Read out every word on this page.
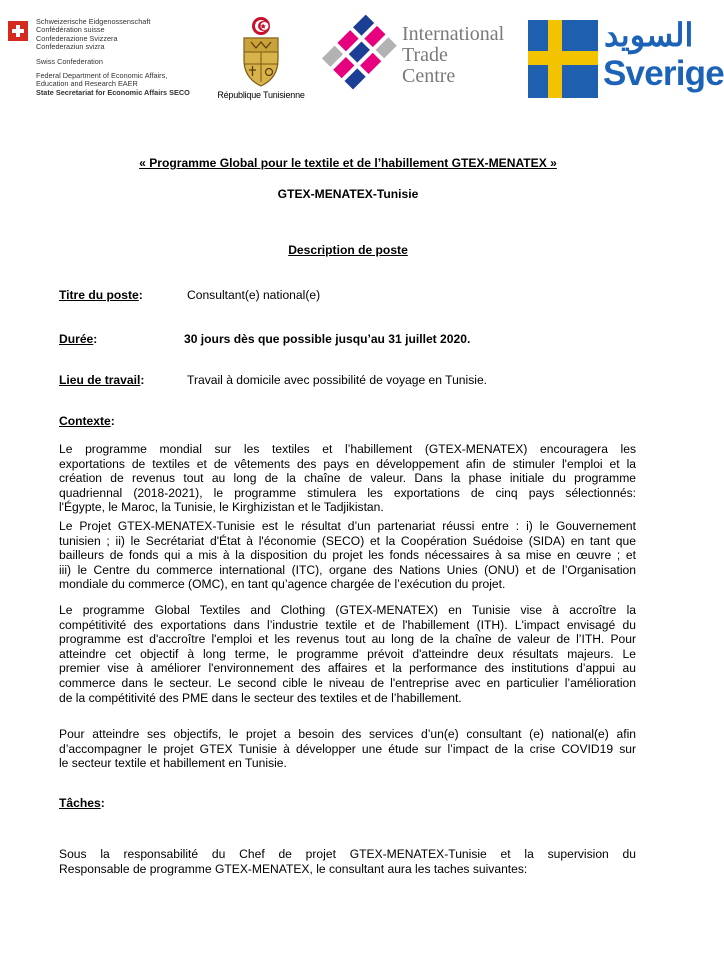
Schweizerische Eidgenossenschaft
Confédération suisse
Confederazione Svizzera
Confederaziun svizra
Swiss Confederation
Federal Department of Economic Affairs,
Education and Research EAER
State Secretariat for Economic Affairs SECO	République Tunisienne
International
Trade
Centre
السويد
Sverige
« Programme Global pour le textile et de l’habillement GTEX-MENATEX »
GTEX-MENATEX-Tunisie
Description de poste
Titre du poste:	Consultant(e) national(e)
Durée:	30 jours dès que possible jusqu’au 31 juillet 2020.
Lieu de travail:	Travail à domicile avec possibilité de voyage en Tunisie.
Contexte:
Le programme mondial sur les textiles et l’habillement (GTEX-MENATEX) encouragera les
exportations de textiles et de vêtements des pays en développement afin de stimuler l'emploi et la
création de revenus tout au long de la chaîne de valeur. Dans la phase initiale du programme
quadriennal (2018-2021), le programme stimulera les exportations de cinq pays sélectionnés:
l'Égypte, le Maroc, la Tunisie, le Kirghizistan et le Tadjikistan.
Le Projet GTEX-MENATEX-Tunisie est le résultat d’un partenariat réussi entre : i) le Gouvernement
tunisien ; ii) le Secrétariat d'État à l'économie (SECO) et la Coopération Suédoise (SIDA) en tant que
bailleurs de fonds qui a mis à la disposition du projet les fonds nécessaires à sa mise en œuvre ; et
iii) le Centre du commerce international (ITC), organe des Nations Unies (ONU) et de l’Organisation
mondiale du commerce (OMC), en tant qu’agence chargée de l’exécution du projet.
Le programme Global Textiles and Clothing (GTEX-MENATEX) en Tunisie vise à accroître la
compétitivité des exportations dans l’industrie textile et de l'habillement (ITH). L'impact envisagé du
programme est d'accroître l'emploi et les revenus tout au long de la chaîne de valeur de l’ITH. Pour
atteindre cet objectif à long terme, le programme prévoit d'atteindre deux résultats majeurs. Le
premier vise à améliorer l'environnement des affaires et la performance des institutions d’appui au
commerce dans le secteur. Le second cible le niveau de l'entreprise avec en particulier l’amélioration
de la compétitivité des PME dans le secteur des textiles et de l’habillement.
Pour atteindre ses objectifs, le projet a besoin des services d’un(e) consultant (e) national(e) afin
d’accompagner le projet GTEX Tunisie à développer une étude sur l’impact de la crise COVID19 sur
le secteur textile et habillement en Tunisie.
Tâches:
Sous la responsabilité du Chef de projet GTEX-MENATEX-Tunisie et la supervision du
Responsable de programme GTEX-MENATEX, le consultant aura les taches suivantes:
